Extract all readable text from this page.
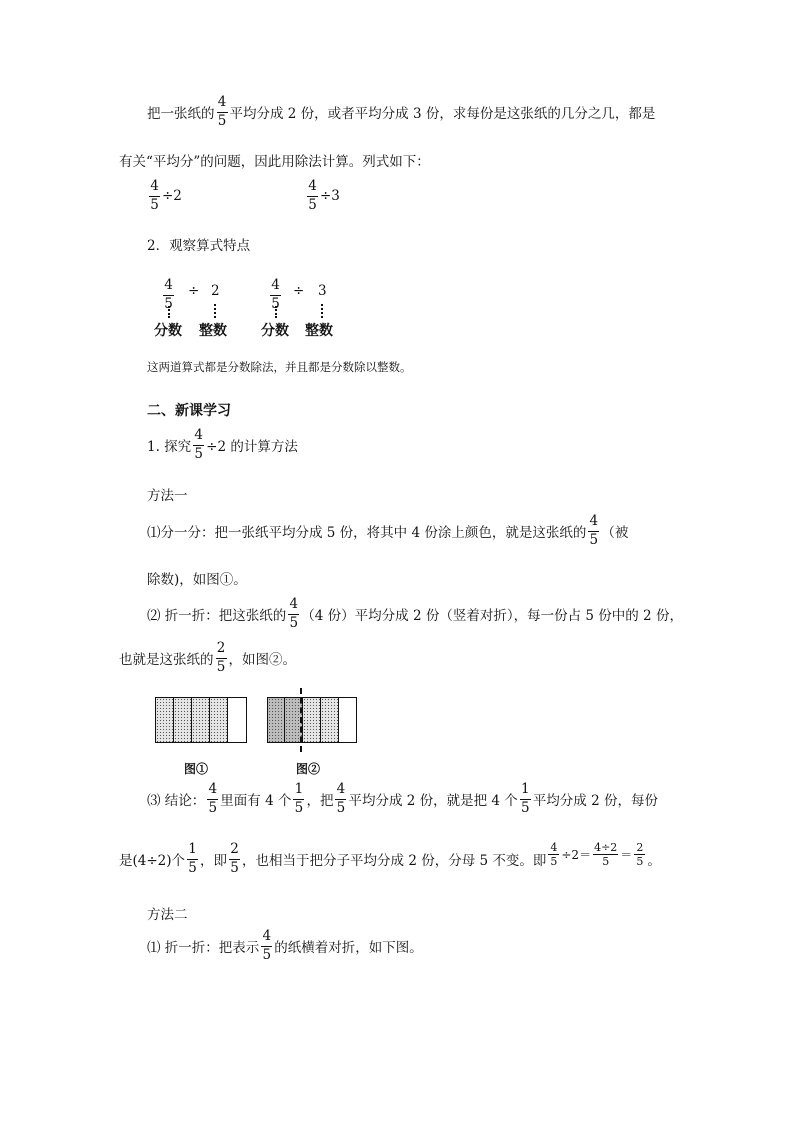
把一张纸的 $\frac{4}{5}$ 平均分成 2 份，或者平均分成 3 份，求每份是这张纸的几分之几，都是
有关“平均分”的问题，因此用除法计算。列式如下：
$\frac{4}{5} \div 2$	$\frac{4}{5} \div 3$
2．观察算式特点
$\frac{4}{5} \div 2$
分数 整数
$\frac{4}{5} \div 3$
分数 整数
这两道算式都是分数除法，并且都是分数除以整数。
二、新课学习
1. 探究 $\frac{4}{5} \div 2$ 的计算方法
方法一
⑴分一分：把一张纸平均分成 5 份，将其中 4 份涂上颜色，就是这张纸的 $\frac{4}{5}$ （被
除数)，如图①。
⑵ 折一折：把这张纸的 $\frac{4}{5} (4$ 份）平均分成 2 份（竖着对折），每一份占 5 份中的 2 份，
也就是这张纸的 $\frac{2}{5}$ ，如图②。
图①	图②
⑶ 结论： $\frac{4}{5}$ 里面有 4 个 $\frac{1}{5}$ ，把 $\frac{4}{5}$ 平均分成 2 份，就是把 4 个 $\frac{1}{5}$ 平均分成 2 份，每份
是(4÷2)个 $\frac{1}{5}$ ，即 $\frac{2}{5}$ ，也相当于把分子平均分成 2 份，分母 5 不变。即 $\frac{4}{5} \div 2= \frac{4\div 2}{5} = \frac{2}{5}$ 。
方法二
⑴ 折一折：把表示 $\frac{4}{5}$ 的纸横着对折，如下图。
